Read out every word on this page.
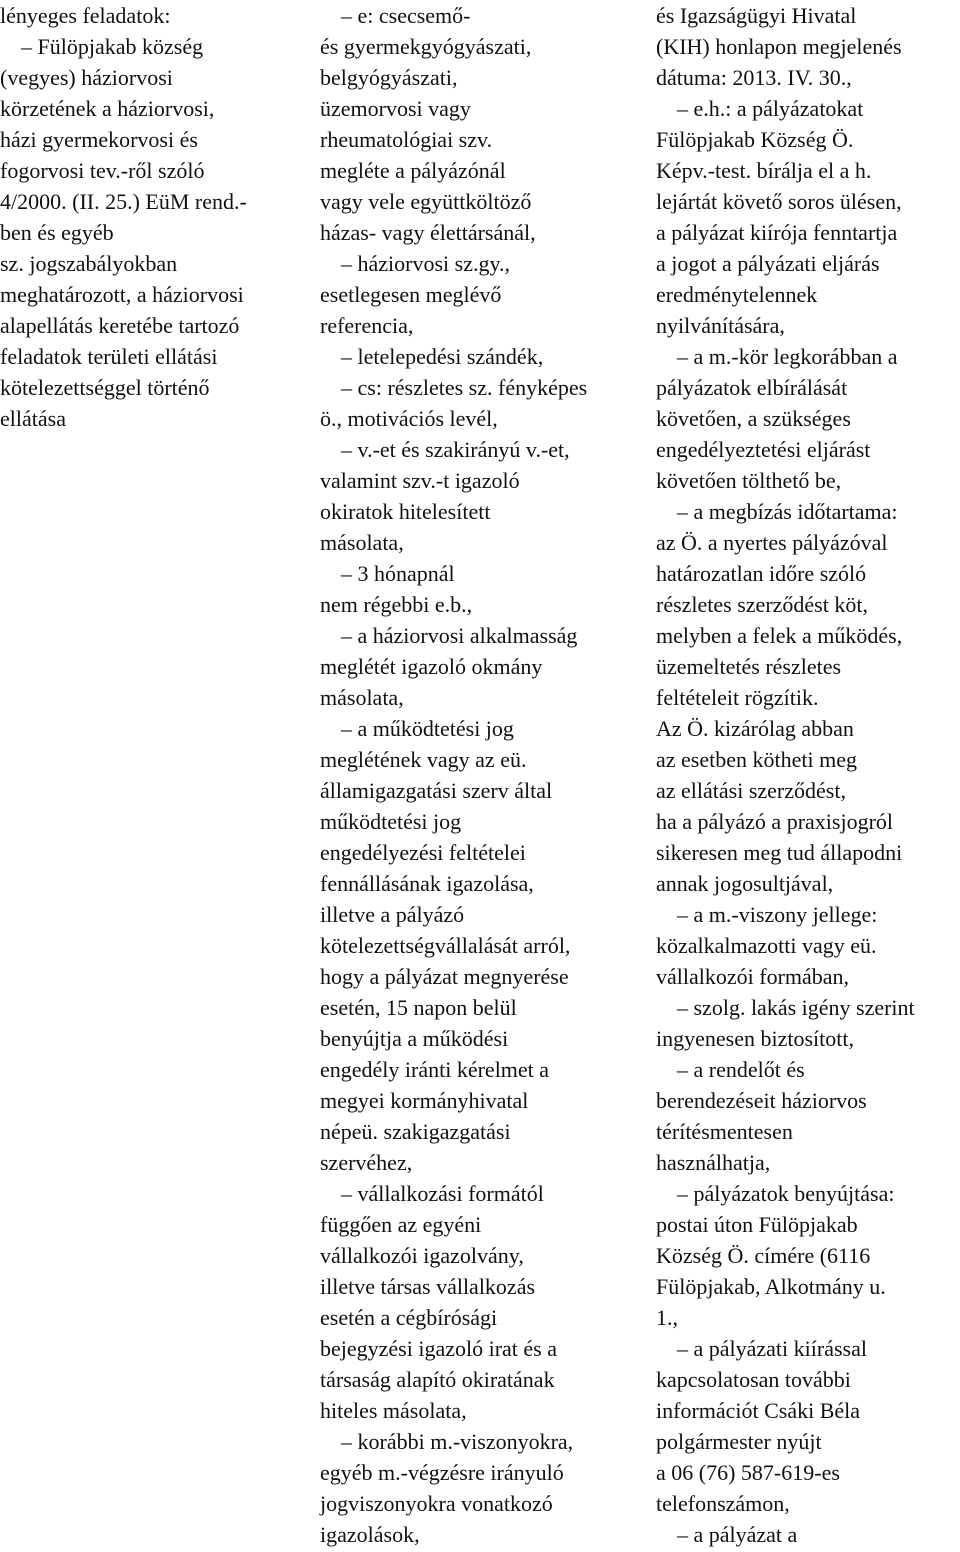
lényeges feladatok:
– Fülöpjakab község
(vegyes) háziorvosi
körzetének a háziorvosi,
házi gyermekorvosi és
fogorvosi tev.-ről szóló
4/2000. (II. 25.) EüM rend.-
ben és egyéb
sz. jogszabályokban
meghatározott, a háziorvosi
alapellátás keretébe tartozó
feladatok területi ellátási
kötelezettséggel történő
ellátása
– e: csecsemő-
és gyermekgyógyászati,
belgyógyászati,
üzemorvosi vagy
rheumatológiai szv.
megléte a pályázónál
vagy vele együttköltöző
házas- vagy élettársánál,
– háziorvosi sz.gy.,
esetlegesen meglévő
referencia,
– letelepedési szándék,
– cs: részletes sz. fényképes
ö., motivációs levél,
– v.-et és szakirányú v.-et,
valamint szv.-t igazoló
okiratok hitelesített
másolata,
– 3 hónapnál
nem régebbi e.b.,
– a háziorvosi alkalmasság
meglétét igazoló okmány
másolata,
– a működtetési jog
meglétének vagy az eü.
államigazgatási szerv által
működtetési jog
engedélyezési feltételei
fennállásának igazolása,
illetve a pályázó
kötelezettségvállalását arról,
hogy a pályázat megnyerése
esetén, 15 napon belül
benyújtja a működési
engedély iránti kérelmet a
megyei kormányhivatal
népeü. szakigazgatási
szervéhez,
– vállalkozási formától
függően az egyéni
vállalkozói igazolvány,
illetve társas vállalkozás
esetén a cégbírósági
bejegyzési igazoló irat és a
társaság alapító okiratának
hiteles másolata,
– korábbi m.-viszonyokra,
egyéb m.-végzésre irányuló
jogviszonyokra vonatkozó
igazolások,
és Igazságügyi Hivatal
(KIH) honlapon megjelenés
dátuma: 2013. IV. 30.,
– e.h.: a pályázatokat
Fülöpjakab Község Ö.
Képv.-test. bírálja el a h.
lejártát követő soros ülésen,
a pályázat kiírója fenntartja
a jogot a pályázati eljárás
eredménytelennek
nyilvánítására,
– a m.-kör legkorábban a
pályázatok elbírálását
követően, a szükséges
engedélyeztetési eljárást
követően tölthető be,
– a megbízás időtartama:
az Ö. a nyertes pályázóval
határozatlan időre szóló
részletes szerződést köt,
melyben a felek a működés,
üzemeltetés részletes
feltételeit rögzítik.
Az Ö. kizárólag abban
az esetben kötheti meg
az ellátási szerződést,
ha a pályázó a praxisjogról
sikeresen meg tud állapodni
annak jogosultjával,
– a m.-viszony jellege:
közalkalmazotti vagy eü.
vállalkozói formában,
– szolg. lakás igény szerint
ingyenesen biztosított,
– a rendelőt és
berendezéseit háziorvos
térítésmentesen
használhatja,
– pályázatok benyújtása:
postai úton Fülöpjakab
Község Ö. címére (6116
Fülöpjakab, Alkotmány u.
1.,
– a pályázati kiírással
kapcsolatosan további
információt Csáki Béla
polgármester nyújt
a 06 (76) 587-619-es
telefonszámon,
– a pályázat a
